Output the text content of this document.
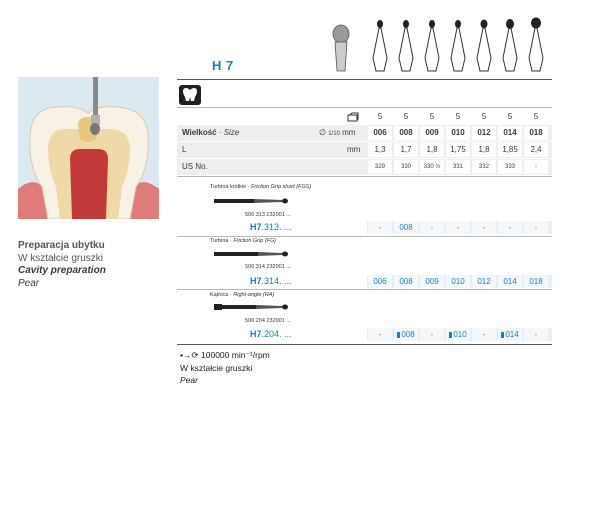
Preparacja ubytku
W kształcie gruszki
Cavity preparation
Pear
H 7
5	5	5	5	5	5	5
Wielkość · Size	∅ 1/10 mm	006	008	009	010	012	014	018
L	mm	1,3	1,7	1,8	1,75	1,8	1,85	2,4
US No.	329	330	330 ½	331	332	333	-
Turbina krótkie · Friction Grip short (FGS)
500 313 232001 ...
H7.313. ...	-	008	-	-	-	-	-
Turbina · Friction Grip (FG)
500 314 232001 ...
H7.314. ...	006	008	009	010	012	014	018
Kątnica · Right-angle (RA)
500 204 232001 ...
H7.204. ...	-	008	-	010	-	014	-
▪→⟳ 100000 min⁻¹/rpm
W kształcie gruszki
Pear
